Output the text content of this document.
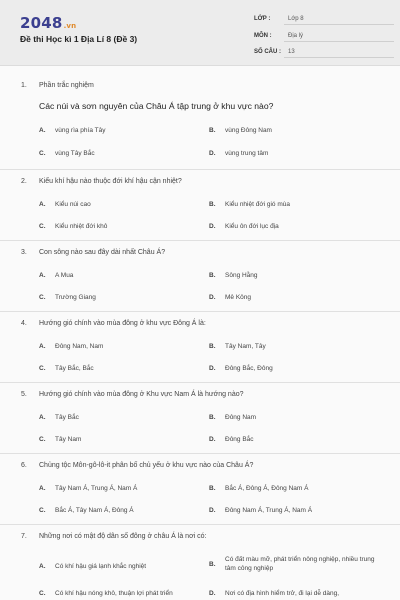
2048.vn
Đề thi Học kì 1 Địa Lí 8 (Đề 3)
LỚP :	Lớp 8
MÔN :	Địa lý
SỐ CÂU : 13
1. Phần trắc nghiệm
Các núi và sơn nguyên của Châu Á tập trung ở khu vực nào?
A. vùng rìa phía Tây	B. vùng Đông Nam
C. vùng Tây Bắc	D. vùng trung tâm
2. Kiểu khí hậu nào thuộc đới khí hậu cận nhiệt?
A. Kiểu núi cao	B. Kiểu nhiệt đới gió mùa
C. Kiểu nhiệt đới khô	D. Kiểu ôn đới lục địa
3. Con sông nào sau đây dài nhất Châu Á?
A. A Mua	B. Sông Hằng
C. Trường Giang	D. Mê Kông
4. Hướng gió chính vào mùa đông ở khu vực Đông Á là:
A. Đông Nam, Nam	B. Tây Nam, Tây
C. Tây Bắc, Bắc	D. Đông Bắc, Đông
5. Hướng gió chính vào mùa đông ở Khu vực Nam Á là hướng nào?
A. Tây Bắc	B. Đông Nam
C. Tây Nam	D. Đông Bắc
6. Chủng tộc Môn-gô-lô-it phân bố chủ yếu ở khu vực nào của Châu Á?
A. Tây Nam Á, Trung Á, Nam Á	B. Bắc Á, Đông Á, Đông Nam Á
C. Bắc Á, Tây Nam Á, Đông Á	D. Đông Nam Á, Trung Á, Nam Á
7. Những nơi có mật độ dân số đông ở châu Á là nơi có:
A. Có khí hậu giá lạnh khắc nghiệt	B.Có đất màu mỡ, phát triển nông nghiệp, nhiều trung tâm công nghiệp
C. Có khí hậu nóng khô, thuận lợi phát triển	D. Nơi có địa hình hiểm trở, đi lại dễ dàng,
